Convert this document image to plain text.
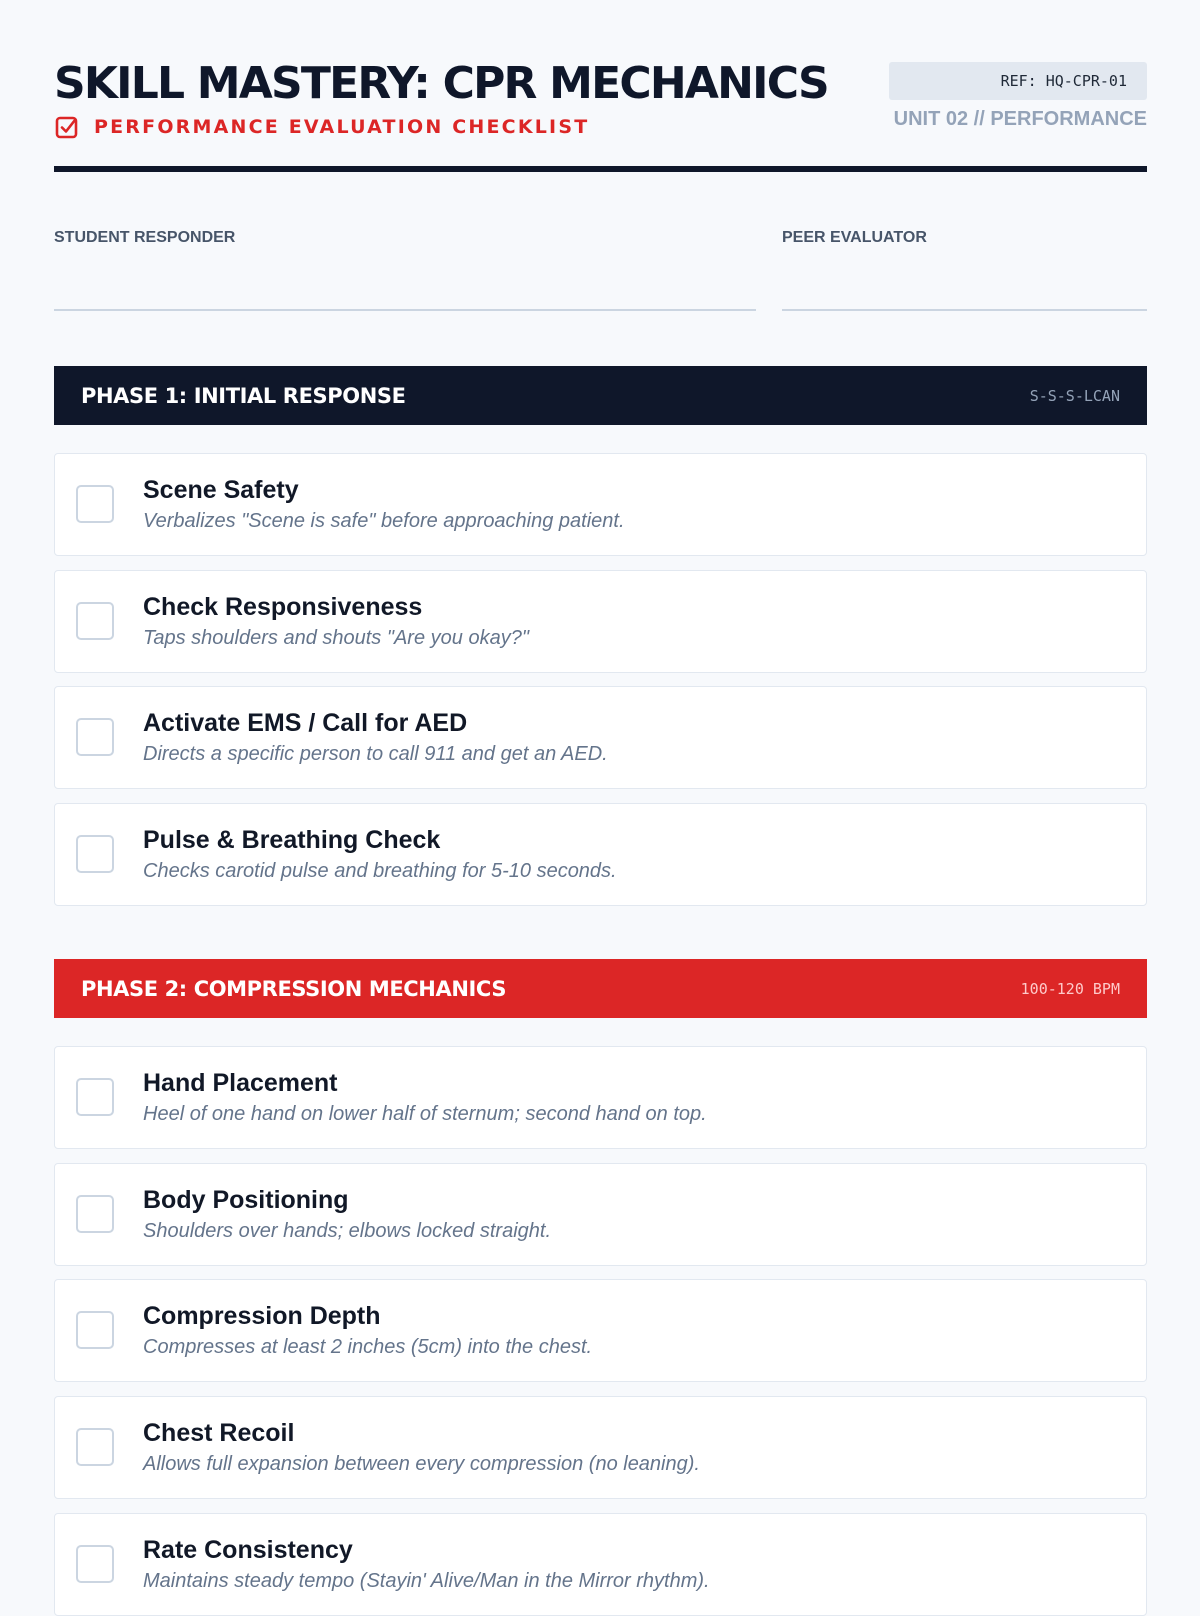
SKILL MASTERY: CPR MECHANICS
PERFORMANCE EVALUATION CHECKLIST
REF: HQ-CPR-01
UNIT 02 // PERFORMANCE
STUDENT RESPONDER	PEER EVALUATOR
PHASE 1: INITIAL RESPONSE	S-S-S-LCAN
Scene Safety
Verbalizes "Scene is safe" before approaching patient.
Check Responsiveness
Taps shoulders and shouts "Are you okay?"
Activate EMS / Call for AED
Directs a specific person to call 911 and get an AED.
Pulse & Breathing Check
Checks carotid pulse and breathing for 5-10 seconds.
PHASE 2: COMPRESSION MECHANICS	100-120 BPM
Hand Placement
Heel of one hand on lower half of sternum; second hand on top.
Body Positioning
Shoulders over hands; elbows locked straight.
Compression Depth
Compresses at least 2 inches (5cm) into the chest.
Chest Recoil
Allows full expansion between every compression (no leaning).
Rate Consistency
Maintains steady tempo (Stayin' Alive/Man in the Mirror rhythm).
